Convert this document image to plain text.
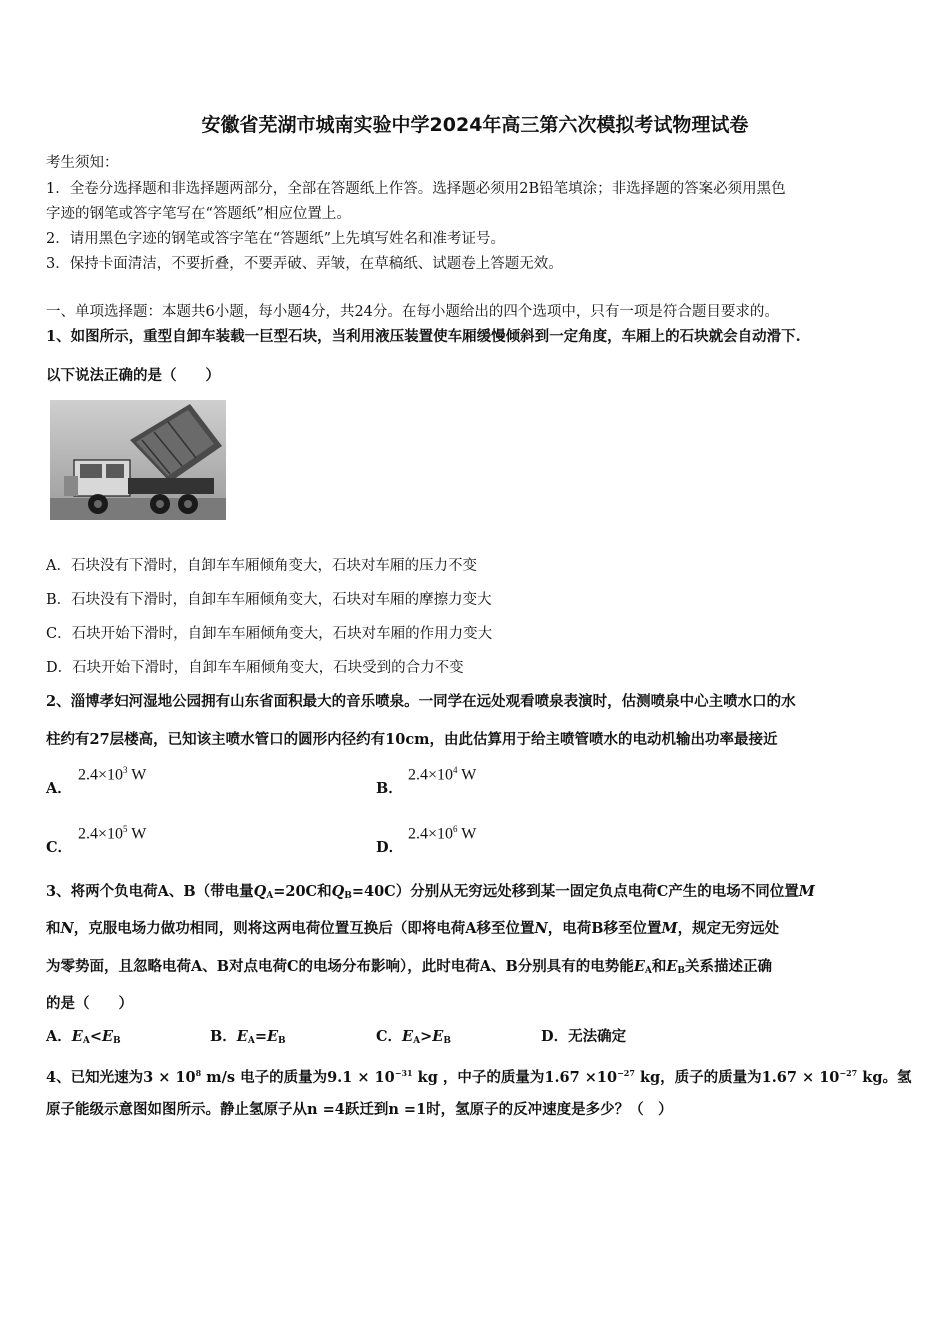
安徽省芜湖市城南实验中学2024年高三第六次模拟考试物理试卷
考生须知：
1．全卷分选择题和非选择题两部分，全部在答题纸上作答。选择题必须用2B铅笔填涂；非选择题的答案必须用黑色
字迹的钢笔或答字笔写在“答题纸”相应位置上。
2．请用黑色字迹的钢笔或答字笔在“答题纸”上先填写姓名和准考证号。
3．保持卡面清洁，不要折叠，不要弄破、弄皱，在草稿纸、试题卷上答题无效。
一、单项选择题：本题共6小题，每小题4分，共24分。在每小题给出的四个选项中，只有一项是符合题目要求的。
1、如图所示，重型自卸车装载一巨型石块，当利用液压装置使车厢缓慢倾斜到一定角度，车厢上的石块就会自动滑下.
以下说法正确的是（　　）
A．石块没有下滑时，自卸车车厢倾角变大，石块对车厢的压力不变
B．石块没有下滑时，自卸车车厢倾角变大，石块对车厢的摩擦力变大
C．石块开始下滑时，自卸车车厢倾角变大，石块对车厢的作用力变大
D．石块开始下滑时，自卸车车厢倾角变大，石块受到的合力不变
2、淄博孝妇河湿地公园拥有山东省面积最大的音乐喷泉。一同学在远处观看喷泉表演时，估测喷泉中心主喷水口的水
柱约有27层楼高，已知该主喷水管口的圆形内径约有10cm，由此估算用于给主喷管喷水的电动机输出功率最接近
A．
$2.4\times 10^3$ W
B．
$2.4\times 10^4$ W
C．
$2.4\times 10^5$ W
D．
$2.4\times 10^6$ W
3、将两个负电荷A、B（带电量$Q_A=20C$和$Q_B=40C$）分别从无穷远处移到某一固定负点电荷C产生的电场不同位置M
和N，克服电场力做功相同，则将这两电荷位置互换后（即将电荷A移至位置N，电荷B移至位置M，规定无穷远处
为零势面，且忽略电荷A、B对点电荷C的电场分布影响），此时电荷A、B分别具有的电势能$E_A$和$E_B$关系描述正确
的是（　　）
A．$E_A<E_B$	B．$E_A=E_B$	C．$E_A>E_B$	D．无法确定
4、已知光速为$3 \times 10^8$ m/s 电子的质量为$9.1 \times 10^{-31}$ kg ，中子的质量为$1.67 \times 10^{-27}$ kg，质子的质量为$1.67 \times 10^{-27}$ kg。氢
原子能级示意图如图所示。静止氢原子从n =4跃迁到n =1时，氢原子的反冲速度是多少？（　）
